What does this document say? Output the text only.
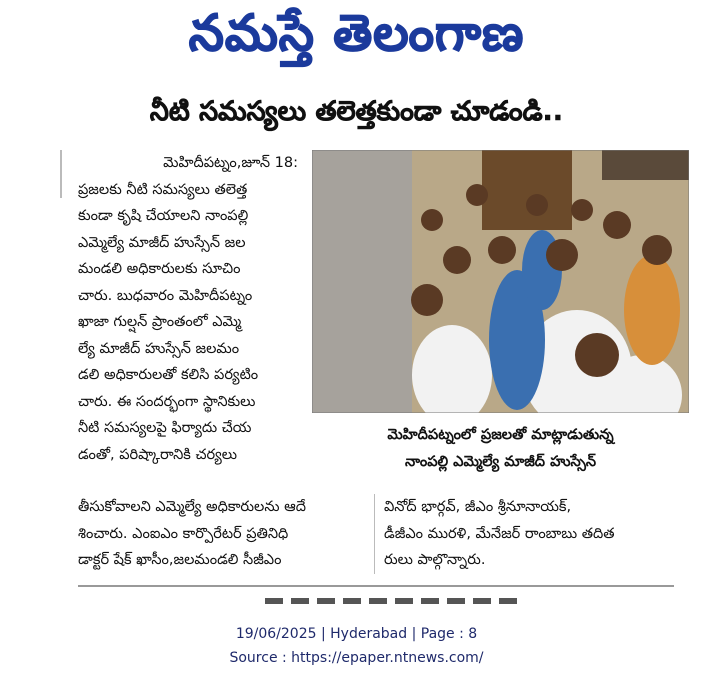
నమస్తే తెలంగాణ
నీటి సమస్యలు తలెత్తకుండా చూడండి..

మెహిదీపట్నం,జూన్ 18:

ప్రజలకు నీటి సమస్యలు తలెత్త

కుండా కృషి చేయాలని నాంపల్లి

ఎమ్మెల్యే మాజీద్ హుస్సేన్ జల

మండలి అధికారులకు సూచిం

చారు. బుధవారం మెహిదీపట్నం

ఖాజా గుల్షన్ ప్రాంతంలో ఎమ్మె

ల్యే మాజీద్ హుస్సేన్ జలమం

డలి అధికారులతో కలిసి పర్యటిం

చారు. ఈ సందర్భంగా స్థానికులు

నీటి సమస్యలపై ఫిర్యాదు చేయ

డంతో, పరిష్కారానికి చర్యలు

మెహిదీపట్నంలో ప్రజలతో మాట్లాడుతున్న
నాంపల్లి ఎమ్మెల్యే మాజీద్ హుస్సేన్

తీసుకోవాలని ఎమ్మెల్యే అధికారులను ఆదే

శించారు. ఎంఐఎం కార్పొరేటర్ ప్రతినిధి

డాక్టర్ షేక్ ఖాసీం,జలమండలి సీజీఎం

వినోద్ భార్గవ్, జీఎం శ్రీనూనాయక్,

డీజీఎం మురళి, మేనేజర్ రాంబాబు తదిత

రులు పాల్గొన్నారు.

19/06/2025 | Hyderabad | Page : 8
Source : https://epaper.ntnews.com/
